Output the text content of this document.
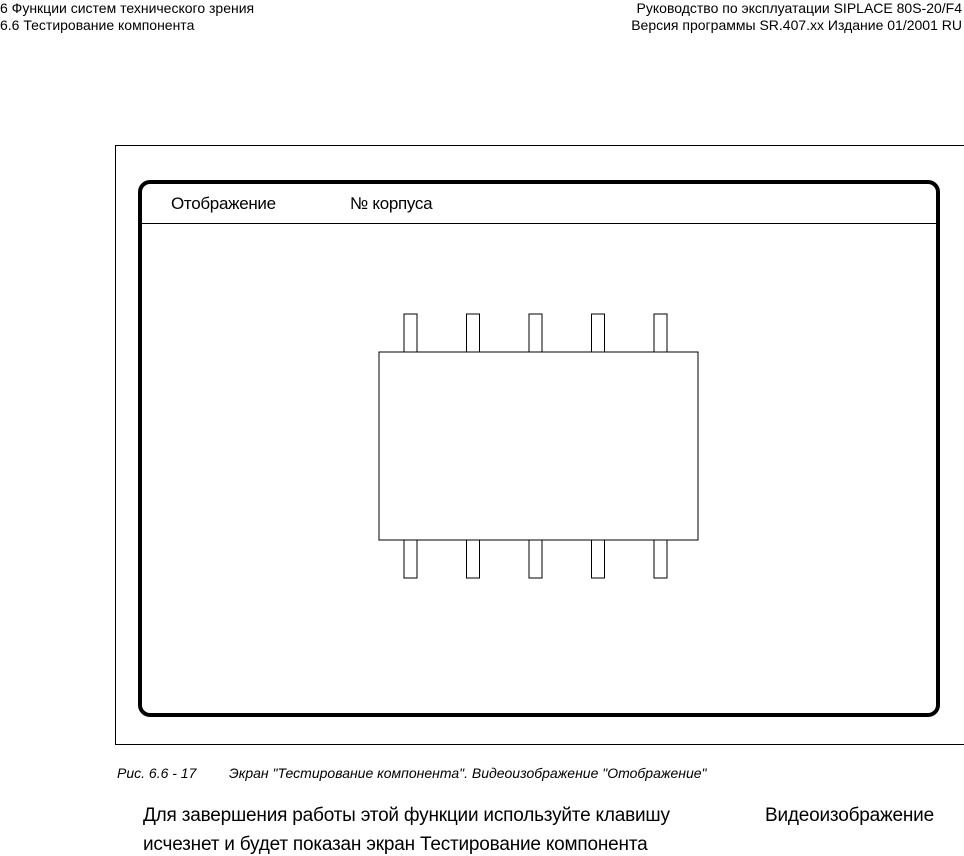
6 Функции систем технического зрения
6.6 Тестирование компонента
Руководство по эксплуатации SIPLACE 80S-20/F4
Версия программы SR.407.xx Издание 01/2001 RU
Отображение	№ корпуса
Рис. 6.6 - 17 Экран "Тестирование компонента". Видеоизображение "Отображение"
Для завершения работы этой функции используйте клавишу	Видеоизображение
исчезнет и будет показан экран Тестирование компонента
